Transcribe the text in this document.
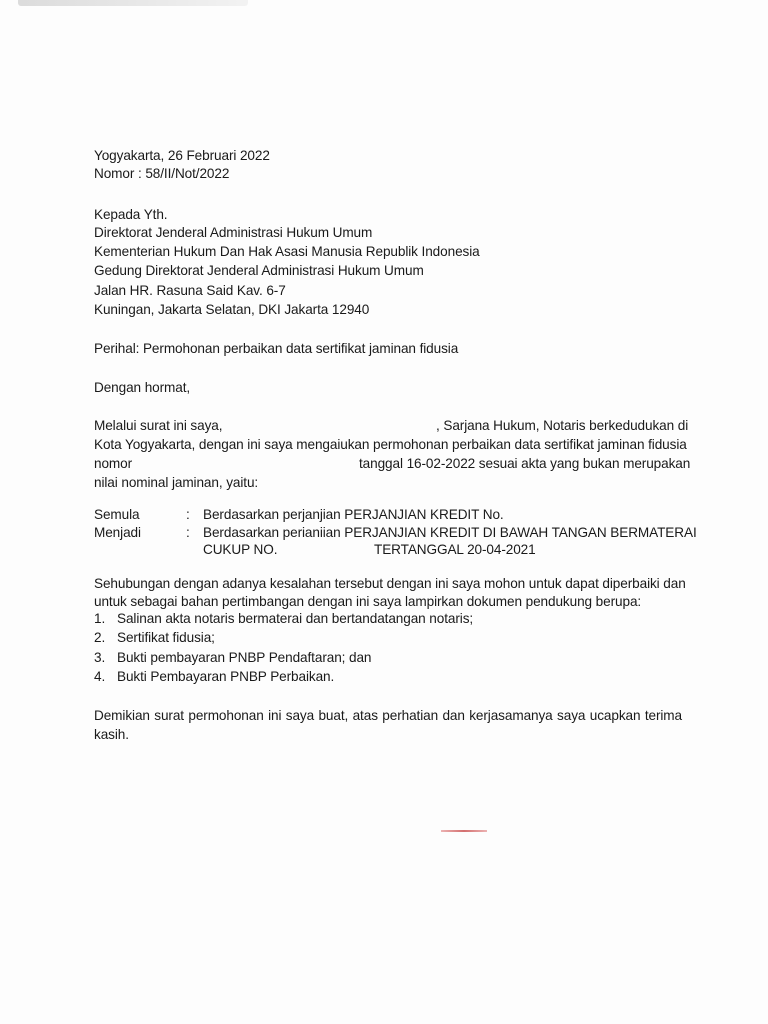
Yogyakarta, 26 Februari 2022
Nomor : 58/II/Not/2022
Kepada Yth.
Direktorat Jenderal Administrasi Hukum Umum
Kementerian Hukum Dan Hak Asasi Manusia Republik Indonesia
Gedung Direktorat Jenderal Administrasi Hukum Umum
Jalan HR. Rasuna Said Kav. 6-7
Kuningan, Jakarta Selatan, DKI Jakarta 12940
Perihal: Permohonan perbaikan data sertifikat jaminan fidusia
Dengan hormat,
Melalui surat ini saya,	, Sarjana Hukum, Notaris berkedudukan di
Kota Yogyakarta, dengan ini saya mengaiukan permohonan perbaikan data sertifikat jaminan fidusia
nomor	tanggal 16-02-2022 sesuai akta yang bukan merupakan
nilai nominal jaminan, yaitu:
Semula	: Berdasarkan perjanjian PERJANJIAN KREDIT No.
Menjadi	: Berdasarkan perianiian PERJANJIAN KREDIT DI BAWAH TANGAN BERMATERAI
CUKUP NO.	TERTANGGAL 20-04-2021
Sehubungan dengan adanya kesalahan tersebut dengan ini saya mohon untuk dapat diperbaiki dan
untuk sebagai bahan pertimbangan dengan ini saya lampirkan dokumen pendukung berupa:
1. Salinan akta notaris bermaterai dan bertandatangan notaris;
2. Sertifikat fidusia;
3. Bukti pembayaran PNBP Pendaftaran; dan
4. Bukti Pembayaran PNBP Perbaikan.
Demikian surat permohonan ini saya buat, atas perhatian dan kerjasamanya saya ucapkan terima
kasih.
